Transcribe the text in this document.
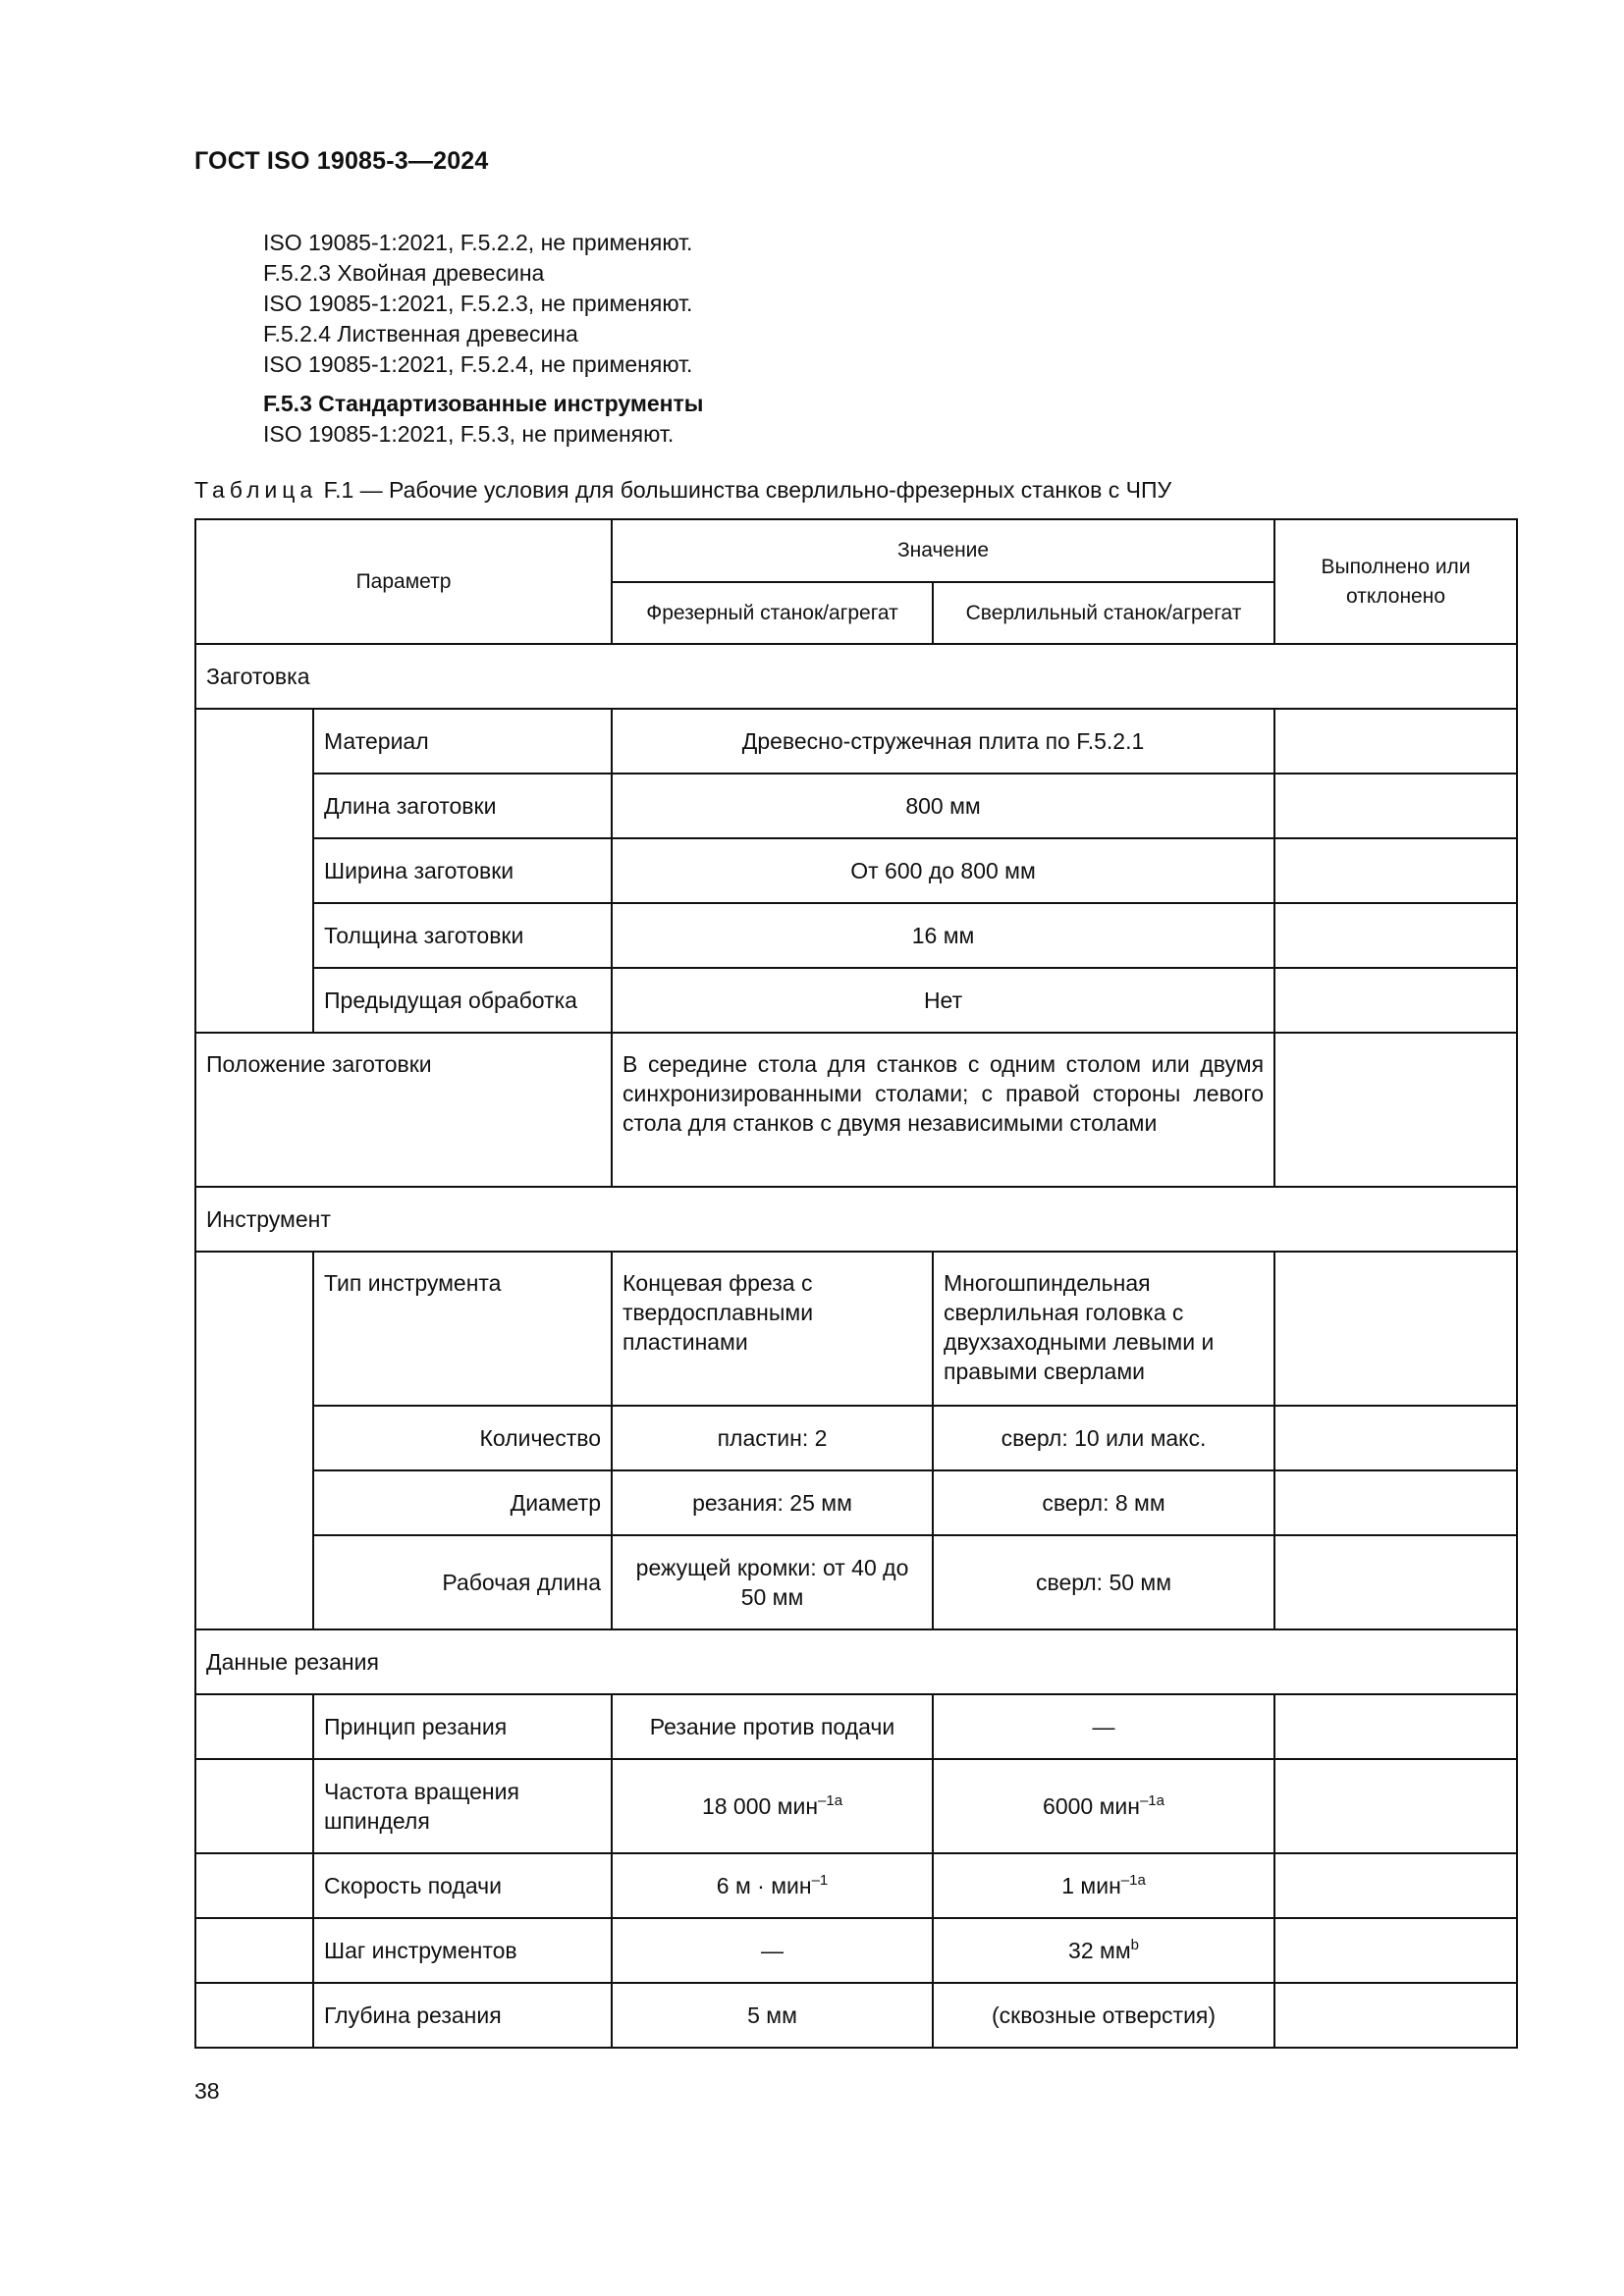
ГОСТ ISO 19085-3—2024
ISO 19085-1:2021, F.5.2.2, не применяют.
F.5.2.3 Хвойная древесина
ISO 19085-1:2021, F.5.2.3, не применяют.
F.5.2.4 Лиственная древесина
ISO 19085-1:2021, F.5.2.4, не применяют.
F.5.3 Стандартизованные инструменты
ISO 19085-1:2021, F.5.3, не применяют.
Таблица F.1 — Рабочие условия для большинства сверлильно-фрезерных станков с ЧПУ
Параметр		Значение		Выполнено или отклонено
		Фрезерный станок/агрегат	Сверлильный станок/агрегат	
Заготовка				
	Материал	Древесно-стружечная плита по F.5.2.1		
	Длина заготовки	800 мм		
	Ширина заготовки	От 600 до 800 мм		
	Толщина заготовки	16 мм		
	Предыдущая обработка	Нет		
Положение заготовки		В середине стола для станков с одним столом или двумя синхронизированными столами; с правой стороны левого стола для станков с двумя независимыми столами		
Инструмент				
	Тип инструмента	Концевая фреза с твердосплавными пластинами	Многошпиндельная сверлильная головка с двухзаходными левыми и правыми сверлами	
	Количество	пластин: 2	сверл: 10 или макс.	
	Диаметр	резания: 25 мм	сверл: 8 мм	
	Рабочая длина	режущей кромки: от 40 до 50 мм	сверл: 50 мм	
Данные резания				
	Принцип резания	Резание против подачи	—	
	Частота вращения шпинделя	18 000 мин$^{-1a}$	6000 мин$^{-1a}$	
	Скорость подачи	6 м · мин$^{-1}$	1 мин$^{-1a}$	
	Шаг инструментов	—	32 $мм^b$	
	Глубина резания	5 мм	(сквозные отверстия)	
38
